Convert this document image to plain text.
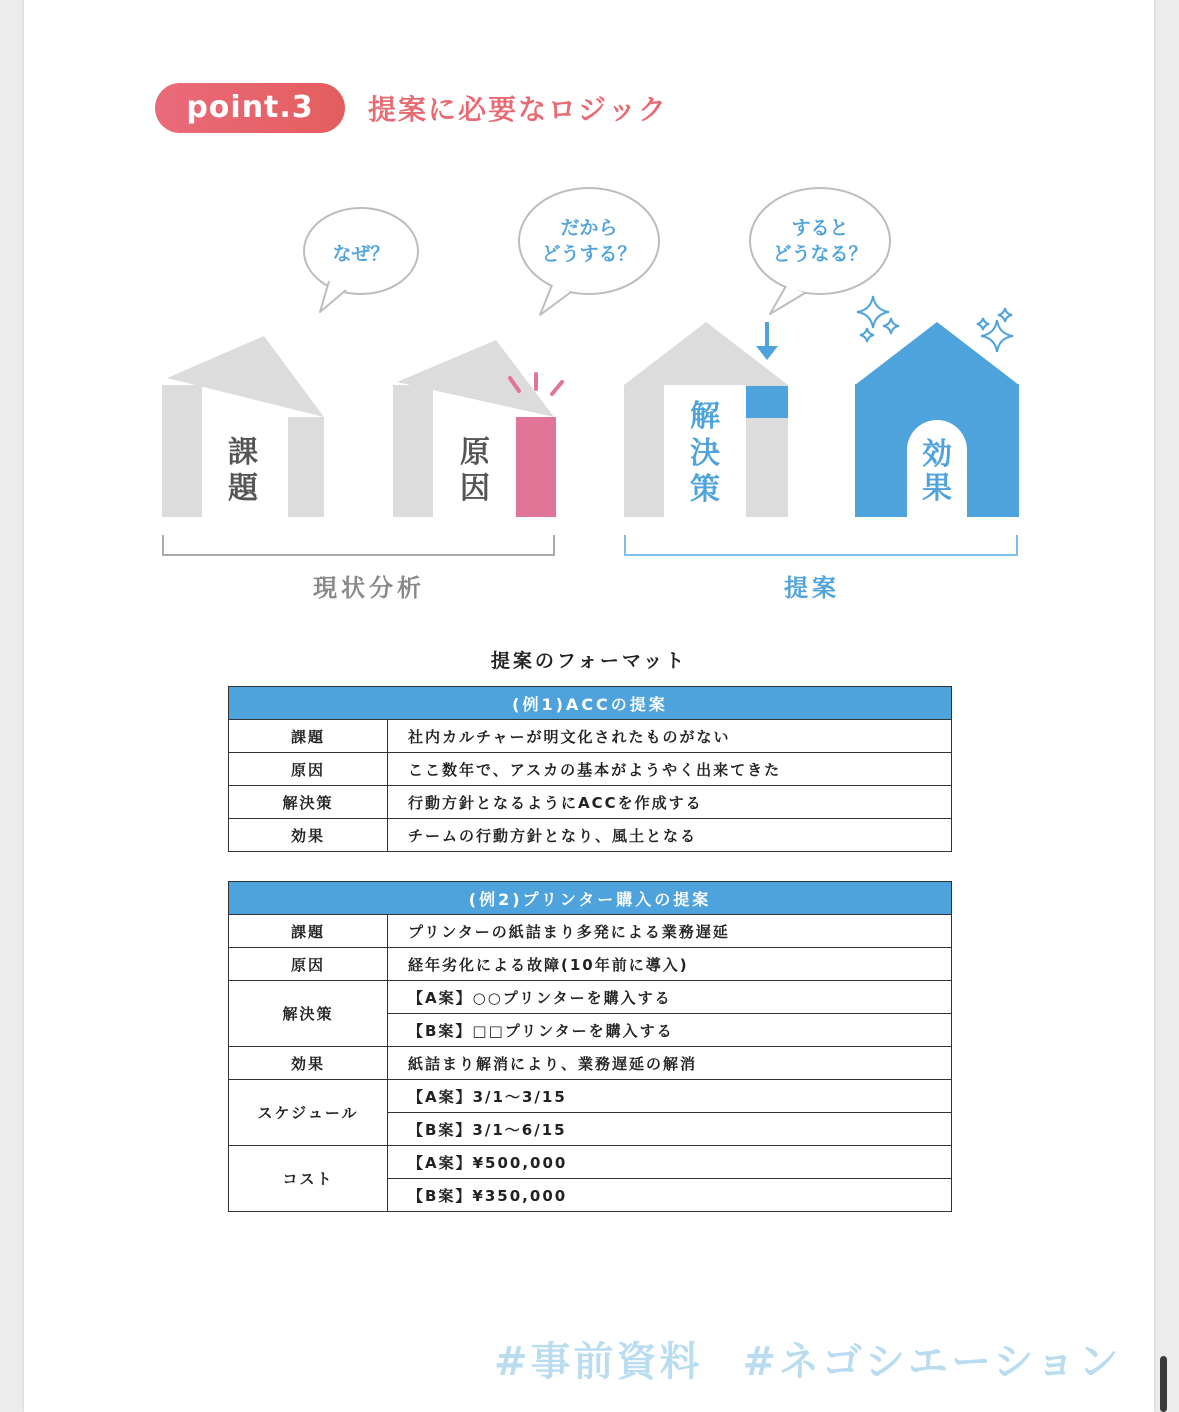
point.3	提案に必要なロジック
なぜ？
だから
どうする？
すると
どうなる？
課
題
原
因
解
決
策
効
果
現状分析	提案
提案のフォーマット
(例1)ACCの提案	
課題	社内カルチャーが明文化されたものがない
原因	ここ数年で、アスカの基本がようやく出来てきた
解決策	行動方針となるようにACCを作成する
効果	チームの行動方針となり、風土となる
(例2)プリンター購入の提案	
課題	プリンターの紙詰まり多発による業務遅延
原因	経年劣化による故障(10年前に導入)
解決策	【A案】○○プリンターを購入する
	【B案】□□プリンターを購入する
効果	紙詰まり解消により、業務遅延の解消
スケジュール	【A案】3/1〜3/15
	【B案】3/1〜6/15
コスト	【A案】¥500,000
	【B案】¥350,000
#事前資料 #ネゴシエーション
